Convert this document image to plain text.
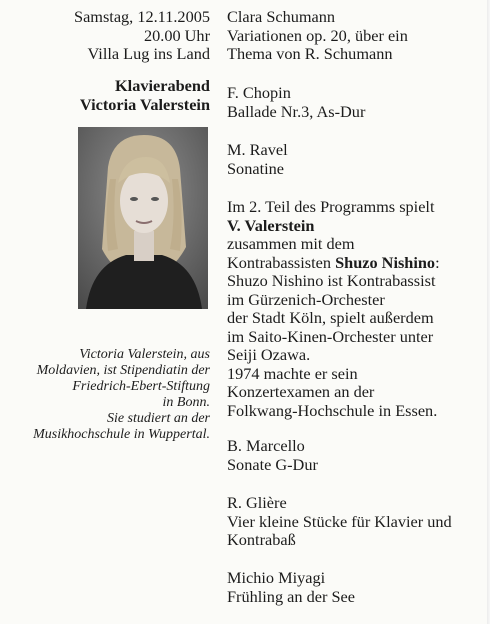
Samstag, 12.11.2005
20.00 Uhr
Villa Lug ins Land
Klavierabend
Victoria Valerstein
Victoria Valerstein, aus
Moldavien, ist Stipendiatin der
Friedrich-Ebert-Stiftung
in Bonn.
Sie studiert an der
Musikhochschule in Wuppertal.
Clara Schumann
Variationen op. 20, über ein
Thema von R. Schumann
F. Chopin
Ballade Nr.3, As-Dur
M. Ravel
Sonatine
Im 2. Teil des Programms spielt
V. Valerstein
zusammen mit dem
Kontrabassisten Shuzo Nishino:
Shuzo Nishino ist Kontrabassist
im Gürzenich-Orchester
der Stadt Köln, spielt außerdem
im Saito-Kinen-Orchester unter
Seiji Ozawa.
1974 machte er sein
Konzertexamen an der
Folkwang-Hochschule in Essen.
B. Marcello
Sonate G-Dur
R. Glière
Vier kleine Stücke für Klavier und
Kontrabaß
Michio Miyagi
Frühling an der See
